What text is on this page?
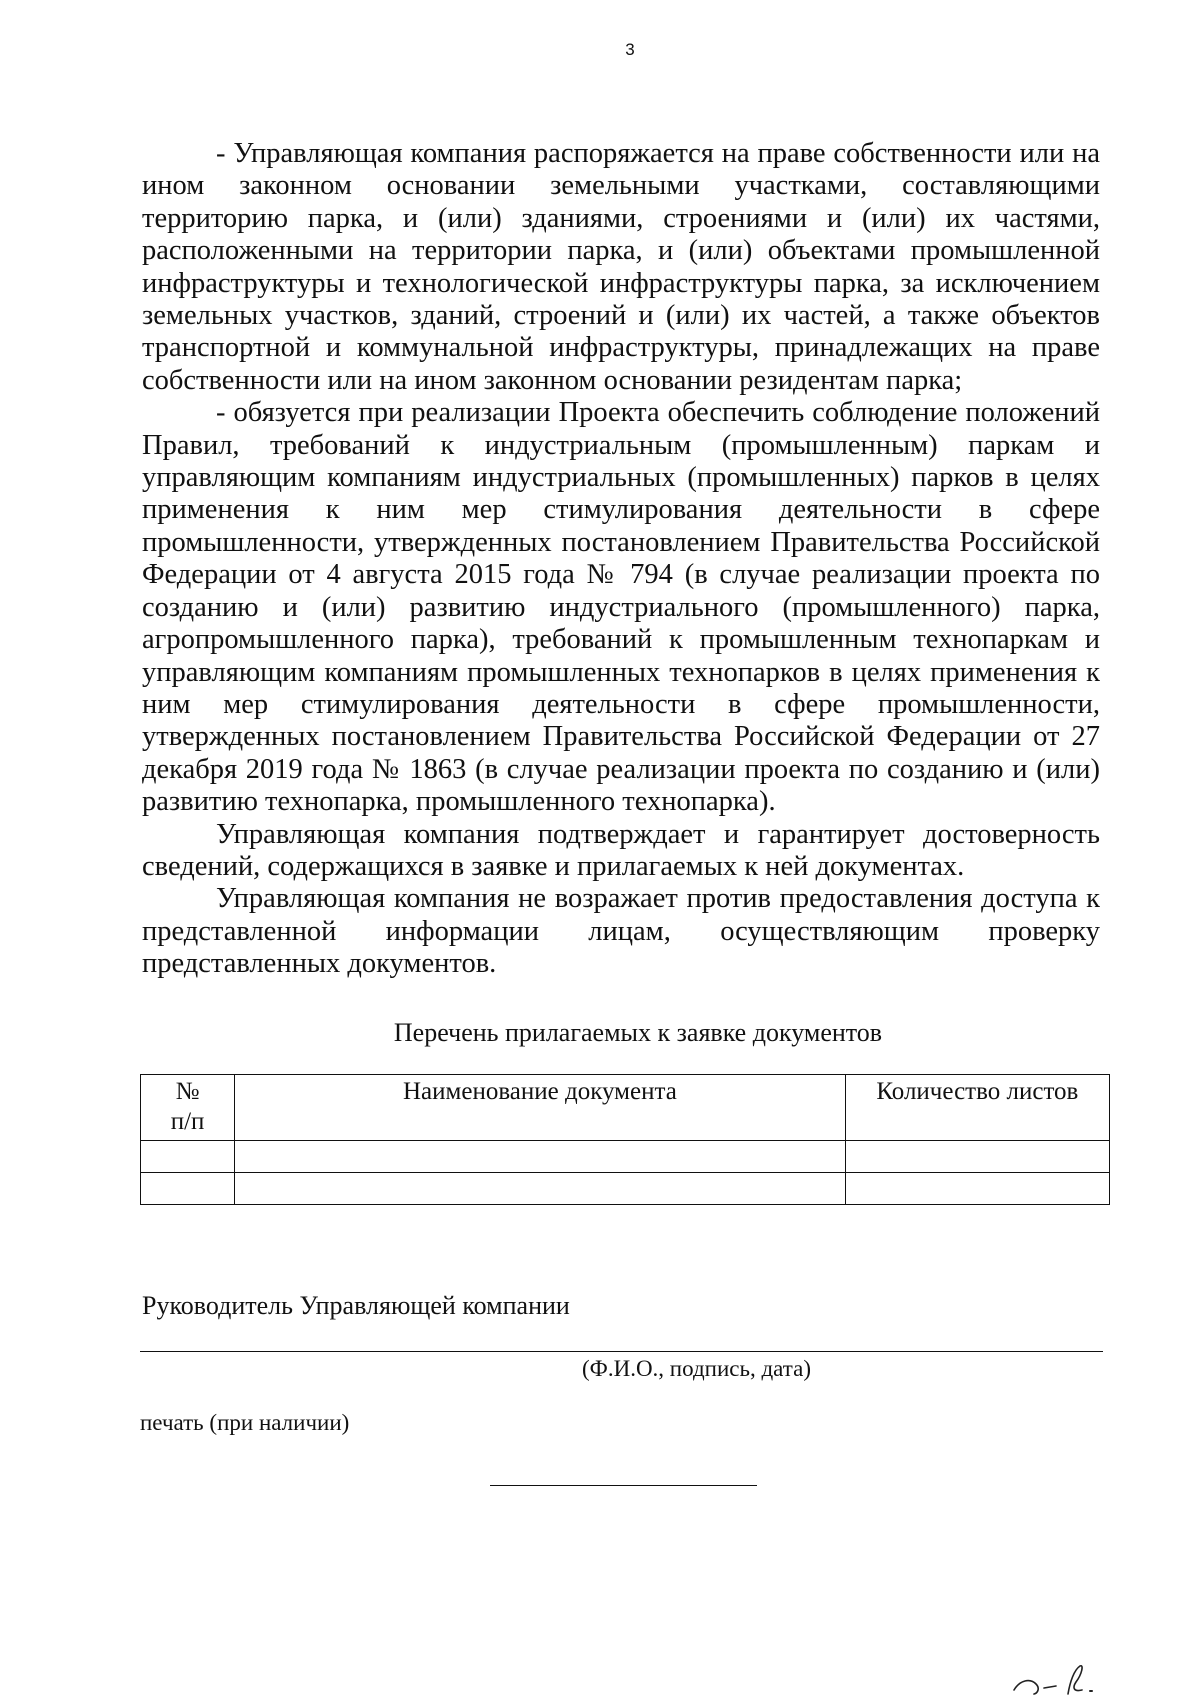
3

- Управляющая компания распоряжается на праве собственности или на ином законном основании земельными участками, составляющими территорию парка, и (или) зданиями, строениями и (или) их частями, расположенными на территории парка, и (или) объектами промышленной инфраструктуры и технологической инфраструктуры парка, за исключением земельных участков, зданий, строений и (или) их частей, а также объектов транспортной и коммунальной инфраструктуры, принадлежащих на праве собственности или на ином законном основании резидентам парка;

- обязуется при реализации Проекта обеспечить соблюдение положений Правил, требований к индустриальным (промышленным) паркам и управляющим компаниям индустриальных (промышленных) парков в целях применения к ним мер стимулирования деятельности в сфере промышленности, утвержденных постановлением Правительства Российской Федерации от 4 августа 2015 года № 794 (в случае реализации проекта по созданию и (или) развитию индустриального (промышленного) парка, агропромышленного парка), требований к промышленным технопаркам и управляющим компаниям промышленных технопарков в целях применения к ним мер стимулирования деятельности в сфере промышленности, утвержденных постановлением Правительства Российской Федерации от 27 декабря 2019 года № 1863 (в случае реализации проекта по созданию и (или) развитию технопарка, промышленного технопарка).

Управляющая компания подтверждает и гарантирует достоверность сведений, содержащихся в заявке и прилагаемых к ней документах.

Управляющая компания не возражает против предоставления доступа к представленной информации лицам, осуществляющим проверку представленных документов.

Перечень прилагаемых к заявке документов
№
п/п	Наименование документа	Количество листов

Руководитель Управляющей компании
(Ф.И.О., подпись, дата)
печать (при наличии)
